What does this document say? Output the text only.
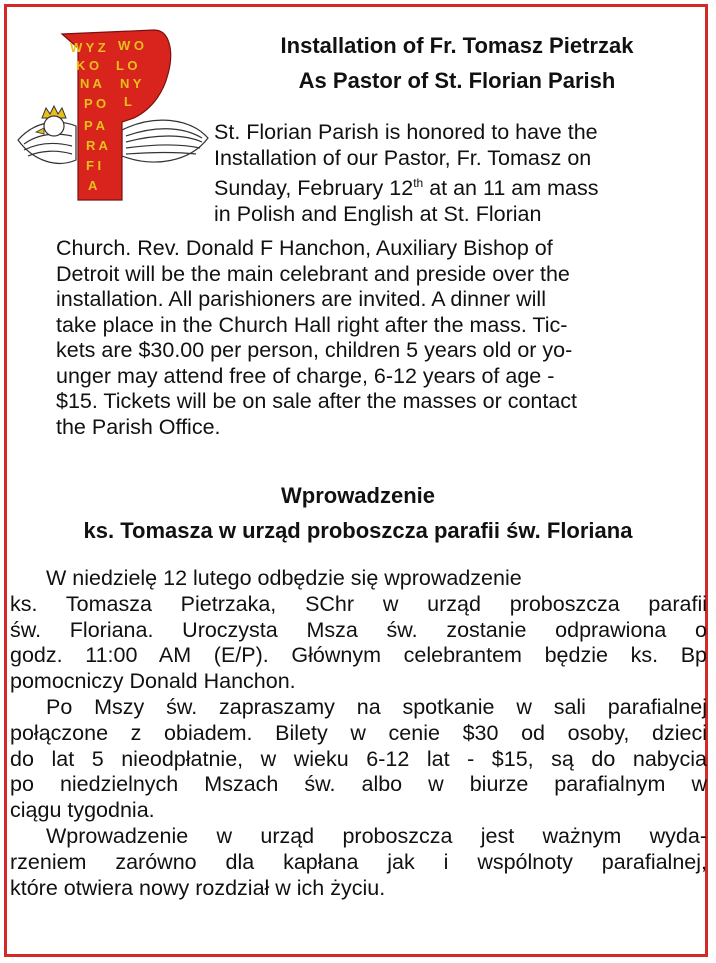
W Y Z W O
K O L O
N A N Y
P O L
P A
R A
F I
A
Installation of Fr. Tomasz Pietrzak
As Pastor of St. Florian Parish
St. Florian Parish is honored to have the
Installation of our Pastor, Fr. Tomasz on
Sunday, February 12th at an 11 am mass
in Polish and English at St. Florian
Church. Rev. Donald F Hanchon, Auxiliary Bishop of
Detroit will be the main celebrant and preside over the
installation. All parishioners are invited. A dinner will
take place in the Church Hall right after the mass. Tic-
kets are $30.00 per person, children 5 years old or yo-
unger may attend free of charge, 6-12 years of age -
$15. Tickets will be on sale after the masses or contact
the Parish Office.
Wprowadzenie
ks. Tomasza w urząd proboszcza parafii św. Floriana
W niedzielę 12 lutego odbędzie się wprowadzenie
ks. Tomasza Pietrzaka, SChr w urząd proboszcza parafii
św. Floriana. Uroczysta Msza św. zostanie odprawiona o
godz. 11:00 AM (E/P). Głównym celebrantem będzie ks. Bp
pomocniczy Donald Hanchon.
Po Mszy św. zapraszamy na spotkanie w sali parafialnej
połączone z obiadem. Bilety w cenie $30 od osoby, dzieci
do lat 5 nieodpłatnie, w wieku 6-12 lat - $15, są do nabycia
po niedzielnych Mszach św. albo w biurze parafialnym w
ciągu tygodnia.
Wprowadzenie w urząd proboszcza jest ważnym wyda-
rzeniem zarówno dla kapłana jak i wspólnoty parafialnej,
które otwiera nowy rozdział w ich życiu.
